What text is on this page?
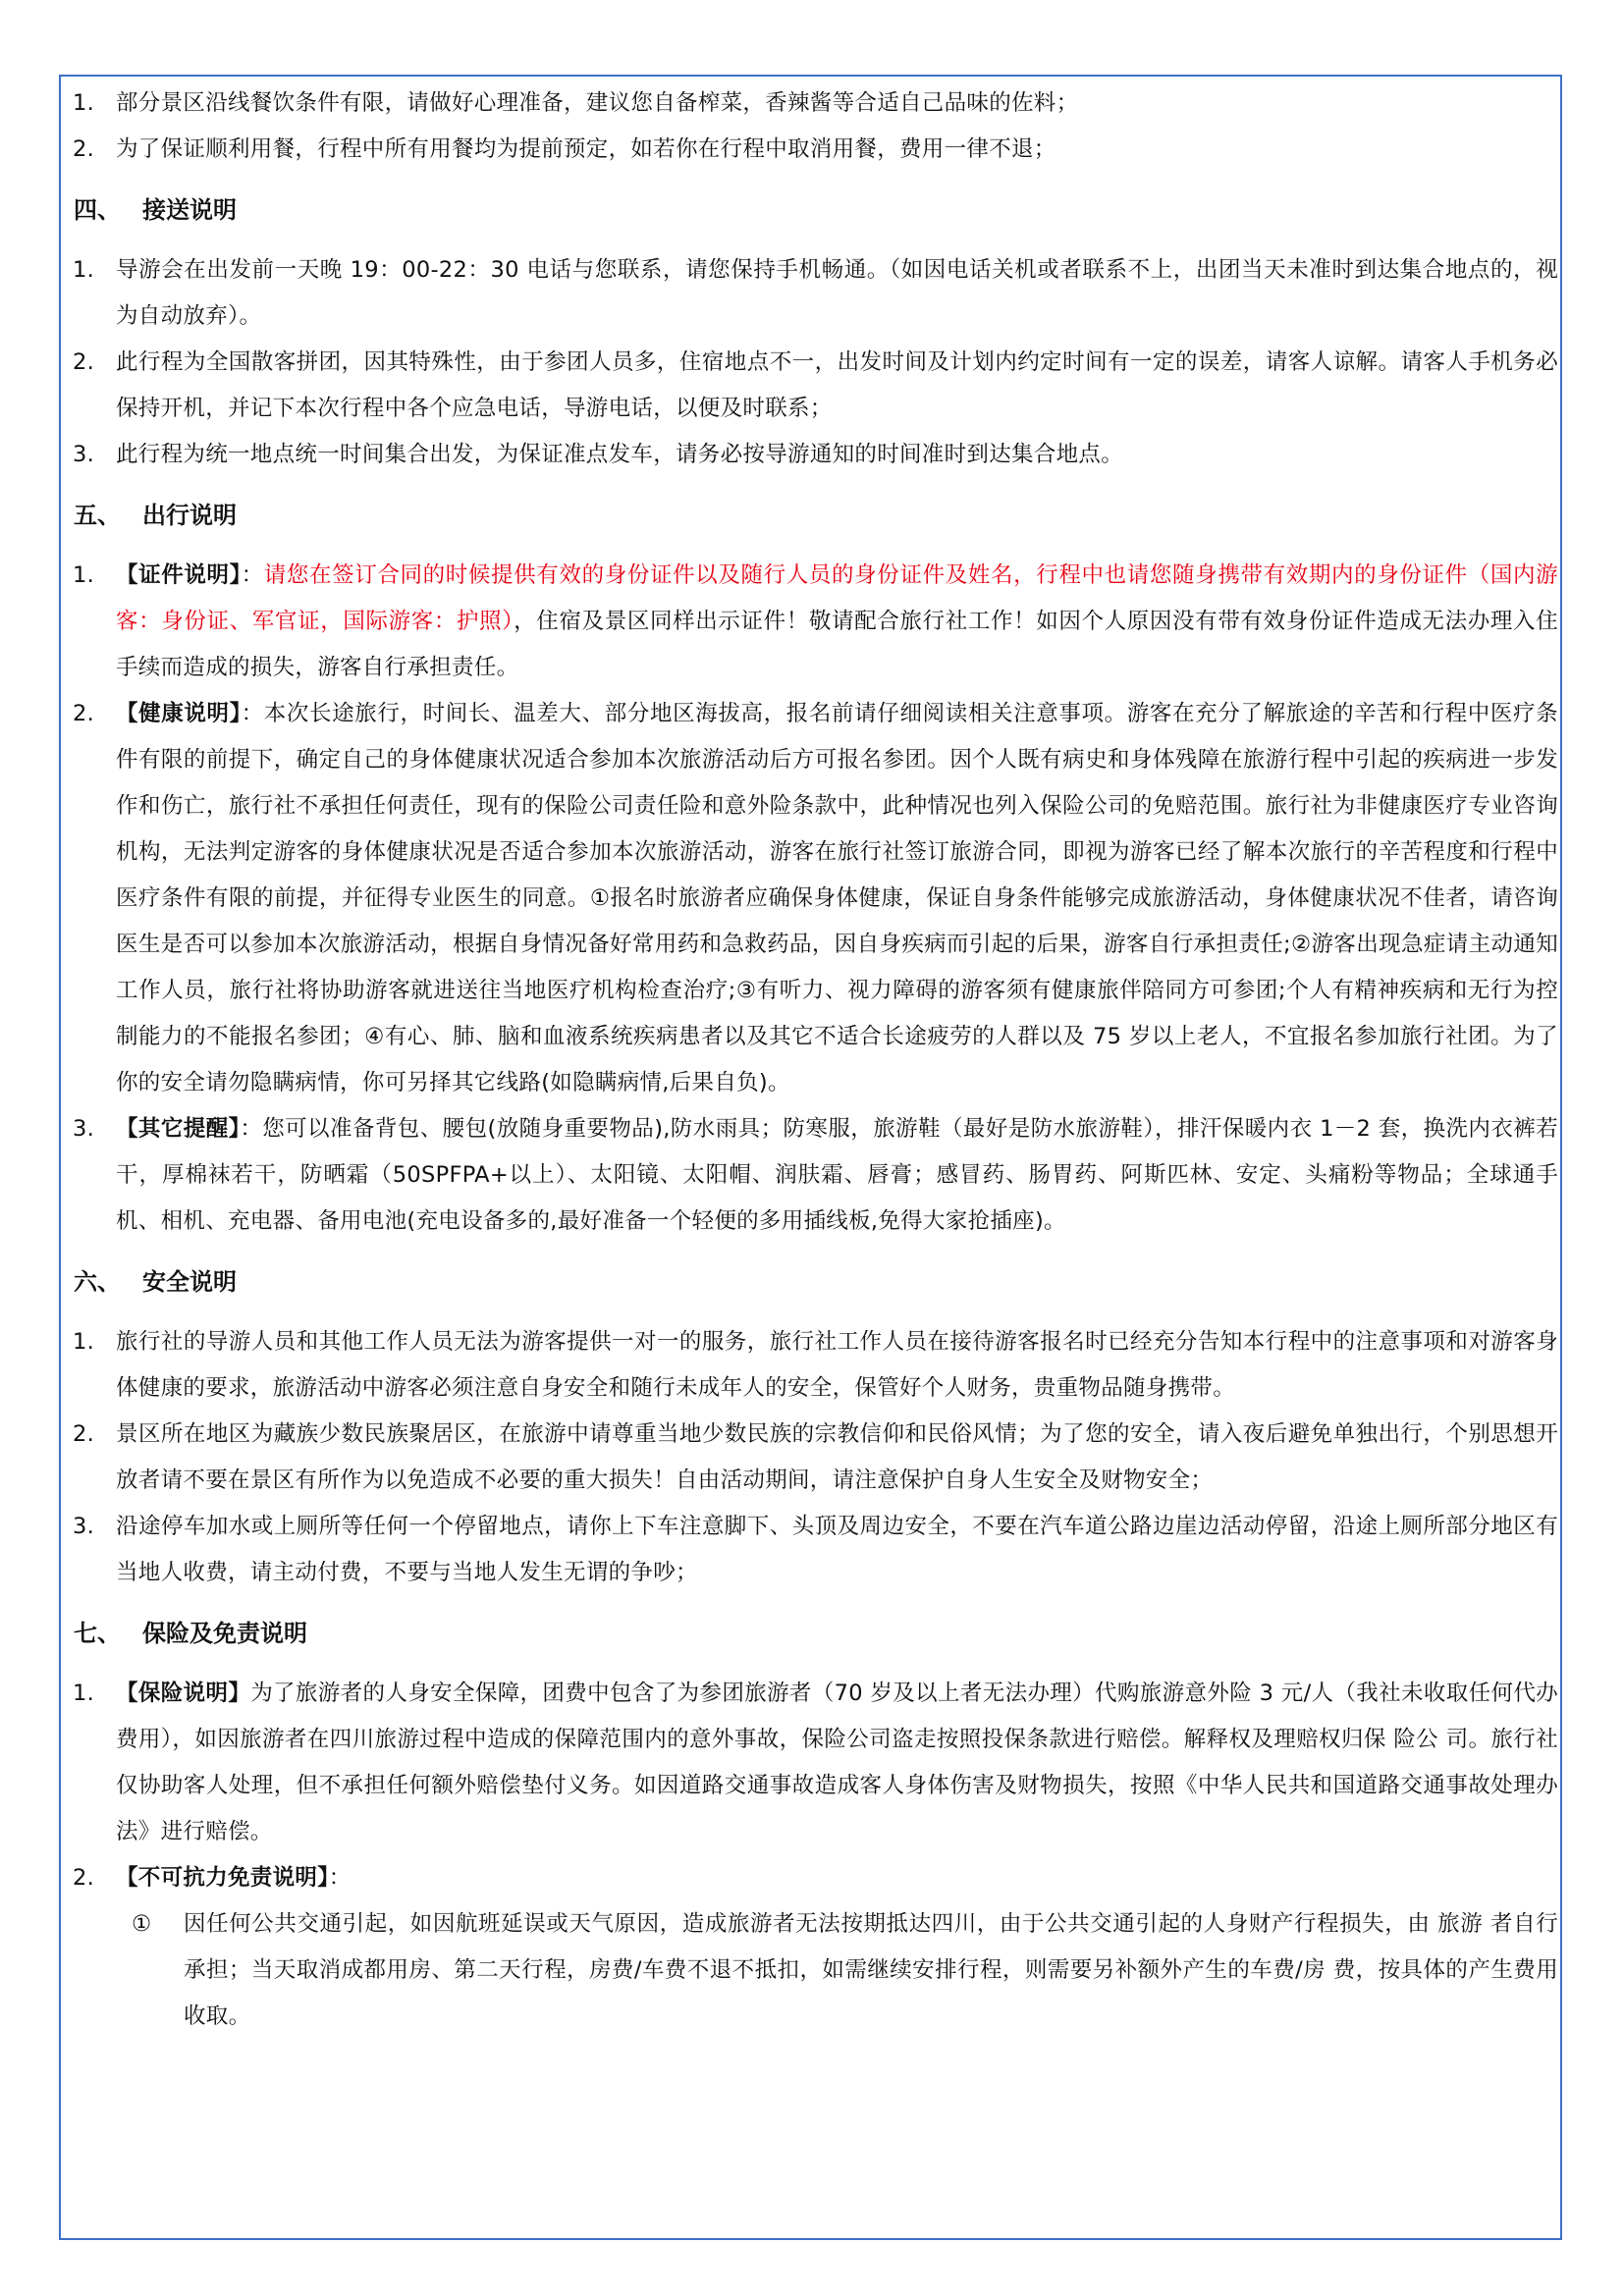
1. 部分景区沿线餐饮条件有限，请做好心理准备，建议您自备榨菜，香辣酱等合适自己品味的佐料；
2. 为了保证顺利用餐，行程中所有用餐均为提前预定，如若你在行程中取消用餐，费用一律不退；
四、 接送说明
1. 导游会在出发前一天晚 19：00-22：30 电话与您联系，请您保持手机畅通。（如因电话关机或者联系不上，出团当天未准时到达集合地点的，视为自动放弃）。
2. 此行程为全国散客拼团，因其特殊性，由于参团人员多，住宿地点不一，出发时间及计划内约定时间有一定的误差，请客人谅解。请客人手机务必保持开机，并记下本次行程中各个应急电话，导游电话，以便及时联系；
3. 此行程为统一地点统一时间集合出发，为保证准点发车，请务必按导游通知的时间准时到达集合地点。
五、 出行说明
1. 【证件说明】：请您在签订合同的时候提供有效的身份证件以及随行人员的身份证件及姓名，行程中也请您随身携带有效期内的身份证件（国内游客：身份证、军官证，国际游客：护照），住宿及景区同样出示证件！敬请配合旅行社工作！如因个人原因没有带有效身份证件造成无法办理入住手续而造成的损失，游客自行承担责任。
2. 【健康说明】：本次长途旅行，时间长、温差大、部分地区海拔高，报名前请仔细阅读相关注意事项。游客在充分了解旅途的辛苦和行程中医疗条件有限的前提下，确定自己的身体健康状况适合参加本次旅游活动后方可报名参团。因个人既有病史和身体残障在旅游行程中引起的疾病进一步发作和伤亡，旅行社不承担任何责任，现有的保险公司责任险和意外险条款中，此种情况也列入保险公司的免赔范围。旅行社为非健康医疗专业咨询机构，无法判定游客的身体健康状况是否适合参加本次旅游活动，游客在旅行社签订旅游合同，即视为游客已经了解本次旅行的辛苦程度和行程中医疗条件有限的前提，并征得专业医生的同意。①报名时旅游者应确保身体健康，保证自身条件能够完成旅游活动，身体健康状况不佳者，请咨询医生是否可以参加本次旅游活动，根据自身情况备好常用药和急救药品，因自身疾病而引起的后果，游客自行承担责任;②游客出现急症请主动通知工作人员，旅行社将协助游客就进送往当地医疗机构检查治疗;③有听力、视力障碍的游客须有健康旅伴陪同方可参团;个人有精神疾病和无行为控制能力的不能报名参团；④有心、肺、脑和血液系统疾病患者以及其它不适合长途疲劳的人群以及 75 岁以上老人，不宜报名参加旅行社团。为了你的安全请勿隐瞒病情，你可另择其它线路(如隐瞒病情,后果自负)。
3. 【其它提醒】：您可以准备背包、腰包(放随身重要物品),防水雨具；防寒服，旅游鞋（最好是防水旅游鞋），排汗保暖内衣 1－2 套，换洗内衣裤若干，厚棉袜若干，防晒霜（50SPFPA+以上）、太阳镜、太阳帽、润肤霜、唇膏；感冒药、肠胃药、阿斯匹林、安定、头痛粉等物品；全球通手机、相机、充电器、备用电池(充电设备多的,最好准备一个轻便的多用插线板,免得大家抢插座)。
六、 安全说明
1. 旅行社的导游人员和其他工作人员无法为游客提供一对一的服务，旅行社工作人员在接待游客报名时已经充分告知本行程中的注意事项和对游客身体健康的要求，旅游活动中游客必须注意自身安全和随行未成年人的安全，保管好个人财务，贵重物品随身携带。
2. 景区所在地区为藏族少数民族聚居区，在旅游中请尊重当地少数民族的宗教信仰和民俗风情；为了您的安全，请入夜后避免单独出行，个别思想开放者请不要在景区有所作为以免造成不必要的重大损失！自由活动期间，请注意保护自身人生安全及财物安全；
3. 沿途停车加水或上厕所等任何一个停留地点，请你上下车注意脚下、头顶及周边安全，不要在汽车道公路边崖边活动停留，沿途上厕所部分地区有当地人收费，请主动付费，不要与当地人发生无谓的争吵；
七、 保险及免责说明
1. 【保险说明】为了旅游者的人身安全保障，团费中包含了为参团旅游者（70 岁及以上者无法办理）代购旅游意外险 3 元/人（我社未收取任何代办费用），如因旅游者在四川旅游过程中造成的保障范围内的意外事故，保险公司盗走按照投保条款进行赔偿。解释权及理赔权归保 险公 司。旅行社仅协助客人处理，但不承担任何额外赔偿垫付义务。如因道路交通事故造成客人身体伤害及财物损失，按照《中华人民共和国道路交通事故处理办法》进行赔偿。
2. 【不可抗力免责说明】：
① 因任何公共交通引起，如因航班延误或天气原因，造成旅游者无法按期抵达四川，由于公共交通引起的人身财产行程损失，由 旅游 者自行承担；当天取消成都用房、第二天行程，房费/车费不退不抵扣，如需继续安排行程，则需要另补额外产生的车费/房 费，按具体的产生费用收取。
